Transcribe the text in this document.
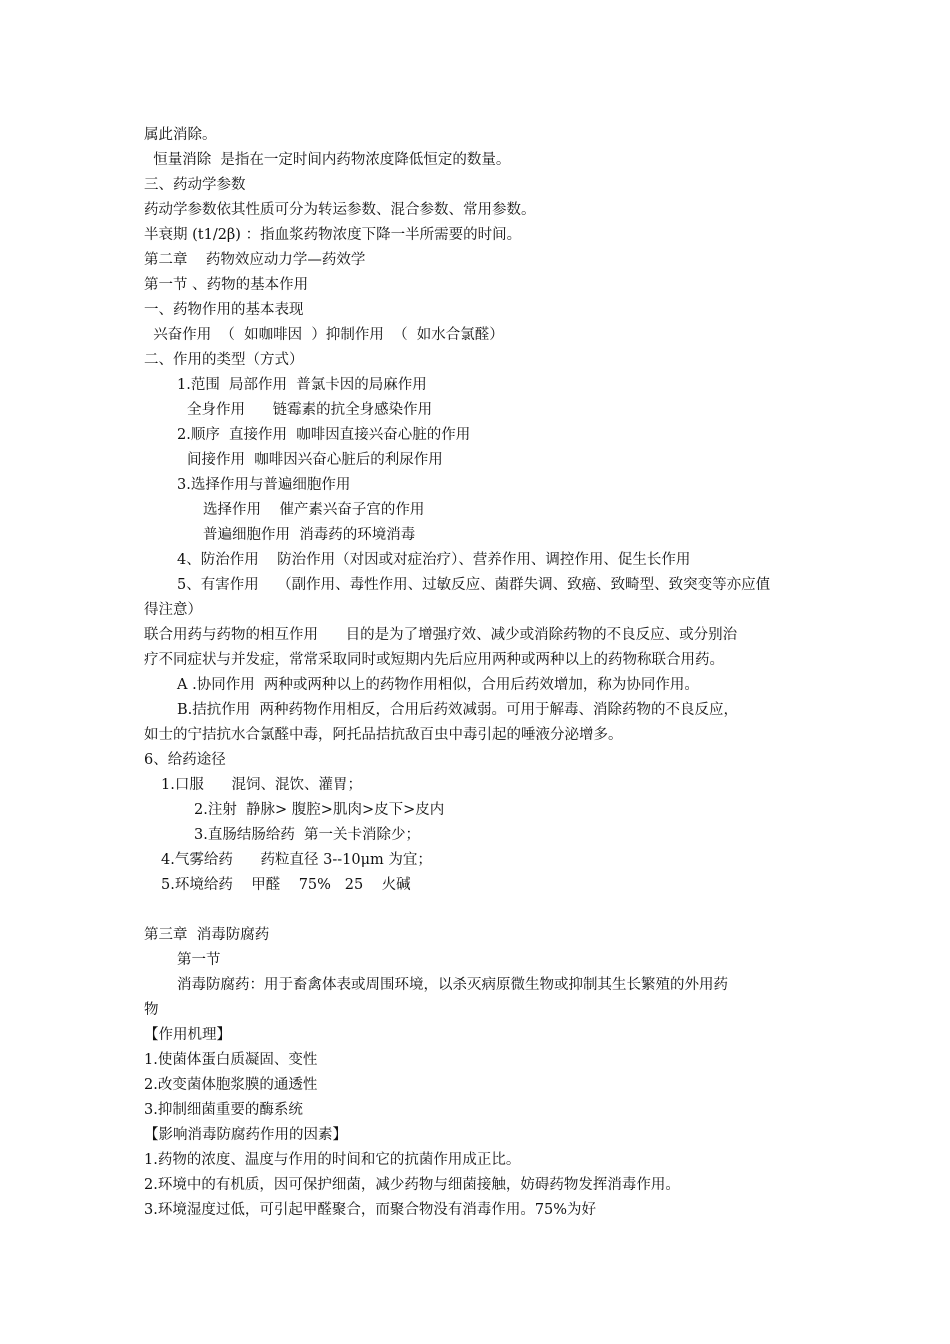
属此消除。
恒量消除  是指在一定时间内药物浓度降低恒定的数量。
三、药动学参数
药动学参数依其性质可分为转运参数、混合参数、常用参数。
半衰期 (t1/2β) ：指血浆药物浓度下降一半所需要的时间。
第二章    药物效应动力学—药效学
第一节 、药物的基本作用
一、药物作用的基本表现
兴奋作用  （  如咖啡因  ）抑制作用  （  如水合氯醛）
二、作用的类型（方式）
1.范围  局部作用  普氯卡因的局麻作用
全身作用      链霉素的抗全身感染作用
2.顺序  直接作用  咖啡因直接兴奋心脏的作用
间接作用  咖啡因兴奋心脏后的利尿作用
3.选择作用与普遍细胞作用
选择作用    催产素兴奋子宫的作用
普遍细胞作用  消毒药的环境消毒
4、防治作用    防治作用（对因或对症治疗）、营养作用、调控作用、促生长作用
5、有害作用    （副作用、毒性作用、过敏反应、菌群失调、致癌、致畸型、致突变等亦应值
得注意）
联合用药与药物的相互作用      目的是为了增强疗效、减少或消除药物的不良反应、或分别治
疗不同症状与并发症，常常采取同时或短期内先后应用两种或两种以上的药物称联合用药。
A .协同作用  两种或两种以上的药物作用相似，合用后药效增加，称为协同作用。
B.拮抗作用  两种药物作用相反，合用后药效减弱。可用于解毒、消除药物的不良反应，
如士的宁拮抗水合氯醛中毒，阿托品拮抗敌百虫中毒引起的唾液分泌增多。
6、给药途径
1.口服      混饲、混饮、灌胃；
2.注射  静脉> 腹腔>肌肉>皮下>皮内
3.直肠结肠给药  第一关卡消除少；
4.气雾给药      药粒直径 3--10μm 为宜；
5.环境给药    甲醛    75%   25    火碱
第三章  消毒防腐药
第一节
消毒防腐药：用于畜禽体表或周围环境，以杀灭病原微生物或抑制其生长繁殖的外用药
物
【作用机理】
1.使菌体蛋白质凝固、变性
2.改变菌体胞浆膜的通透性
3.抑制细菌重要的酶系统
【影响消毒防腐药作用的因素】
1.药物的浓度、温度与作用的时间和它的抗菌作用成正比。
2.环境中的有机质，因可保护细菌，减少药物与细菌接触，妨碍药物发挥消毒作用。
3.环境湿度过低，可引起甲醛聚合，而聚合物没有消毒作用。75%为好
